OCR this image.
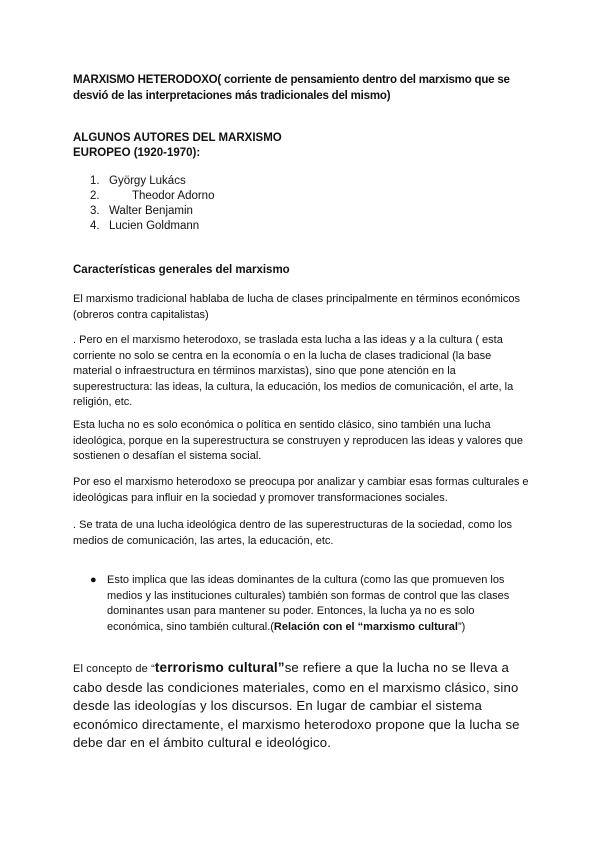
MARXISMO HETERODOXO( corriente de pensamiento dentro del marxismo que se desvió de las interpretaciones más tradicionales del mismo)
ALGUNOS AUTORES DEL MARXISMO
EUROPEO (1920-1970):
1. György Lukács
2.	Theodor Adorno
3. Walter Benjamin
4. Lucien Goldmann
Características generales del marxismo

El marxismo tradicional hablaba de lucha de clases principalmente en términos económicos (obreros contra capitalistas)

. Pero en el marxismo heterodoxo, se traslada esta lucha a las ideas y a la cultura ( esta corriente no solo se centra en la economía o en la lucha de clases tradicional (la base material o infraestructura en términos marxistas), sino que pone atención en la superestructura: las ideas, la cultura, la educación, los medios de comunicación, el arte, la religión, etc.

Esta lucha no es solo económica o política en sentido clásico, sino también una lucha ideológica, porque en la superestructura se construyen y reproducen las ideas y valores que sostienen o desafían el sistema social.

Por eso el marxismo heterodoxo se preocupa por analizar y cambiar esas formas culturales e ideológicas para influir en la sociedad y promover transformaciones sociales.

. Se trata de una lucha ideológica dentro de las superestructuras de la sociedad, como los medios de comunicación, las artes, la educación, etc.

● Esto implica que las ideas dominantes de la cultura (como las que promueven los medios y las instituciones culturales) también son formas de control que las clases dominantes usan para mantener su poder. Entonces, la lucha ya no es solo económica, sino también cultural.(Relación con el “marxismo cultural”)
El concepto de “terrorismo cultural”se refiere a que la lucha no se lleva a cabo desde las condiciones materiales, como en el marxismo clásico, sino desde las ideologías y los discursos. En lugar de cambiar el sistema económico directamente, el marxismo heterodoxo propone que la lucha se debe dar en el ámbito cultural e ideológico.
